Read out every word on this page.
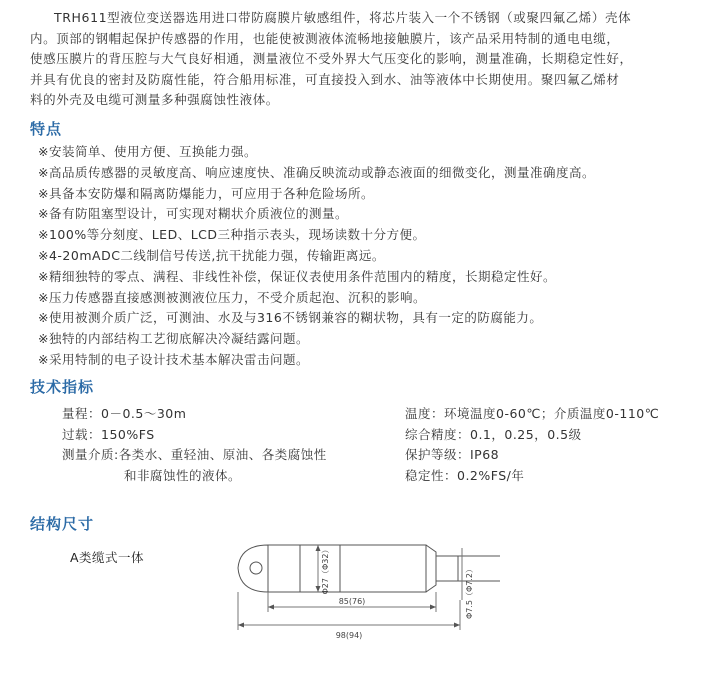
TRH611型液位变送器选用进口带防腐膜片敏感组件，将芯片装入一个不锈钢（或聚四氟乙烯）壳体
内。顶部的钢帽起保护传感器的作用，也能使被测液体流畅地接触膜片，该产品采用特制的通电电缆，
使感压膜片的背压腔与大气良好相通，测量液位不受外界大气压变化的影响，测量准确，长期稳定性好，
并具有优良的密封及防腐性能，符合船用标准，可直接投入到水、油等液体中长期使用。聚四氟乙烯材
料的外壳及电缆可测量多种强腐蚀性液体。
特点
※安装简单、使用方便、互换能力强。
※高品质传感器的灵敏度高、响应速度快、准确反映流动或静态液面的细微变化，测量准确度高。
※具备本安防爆和隔离防爆能力，可应用于各种危险场所。
※备有防阻塞型设计，可实现对糊状介质液位的测量。
※100%等分刻度、LED、LCD三种指示表头，现场读数十分方便。
※4-20mADC二线制信号传送,抗干扰能力强，传输距离远。
※精细独特的零点、满程、非线性补偿，保证仪表使用条件范围内的精度，长期稳定性好。
※压力传感器直接感测被测液位压力，不受介质起泡、沉积的影响。
※使用被测介质广泛，可测油、水及与316不锈钢兼容的糊状物，具有一定的防腐能力。
※独特的内部结构工艺彻底解决冷凝结露问题。
※采用特制的电子设计技术基本解决雷击问题。
技术指标
量程：0－0.5～30m
过载：150%FS
测量介质:各类水、重轻油、原油、各类腐蚀性
和非腐蚀性的液体。
温度：环境温度0-60℃；介质温度0-110℃
综合精度：0.1，0.25，0.5级
保护等级：IP68
稳定性：0.2%FS/年
结构尺寸
A类缆式一体	Φ27（Φ32）	Φ7.5（Φ7.2）
85(76)
98(94)
